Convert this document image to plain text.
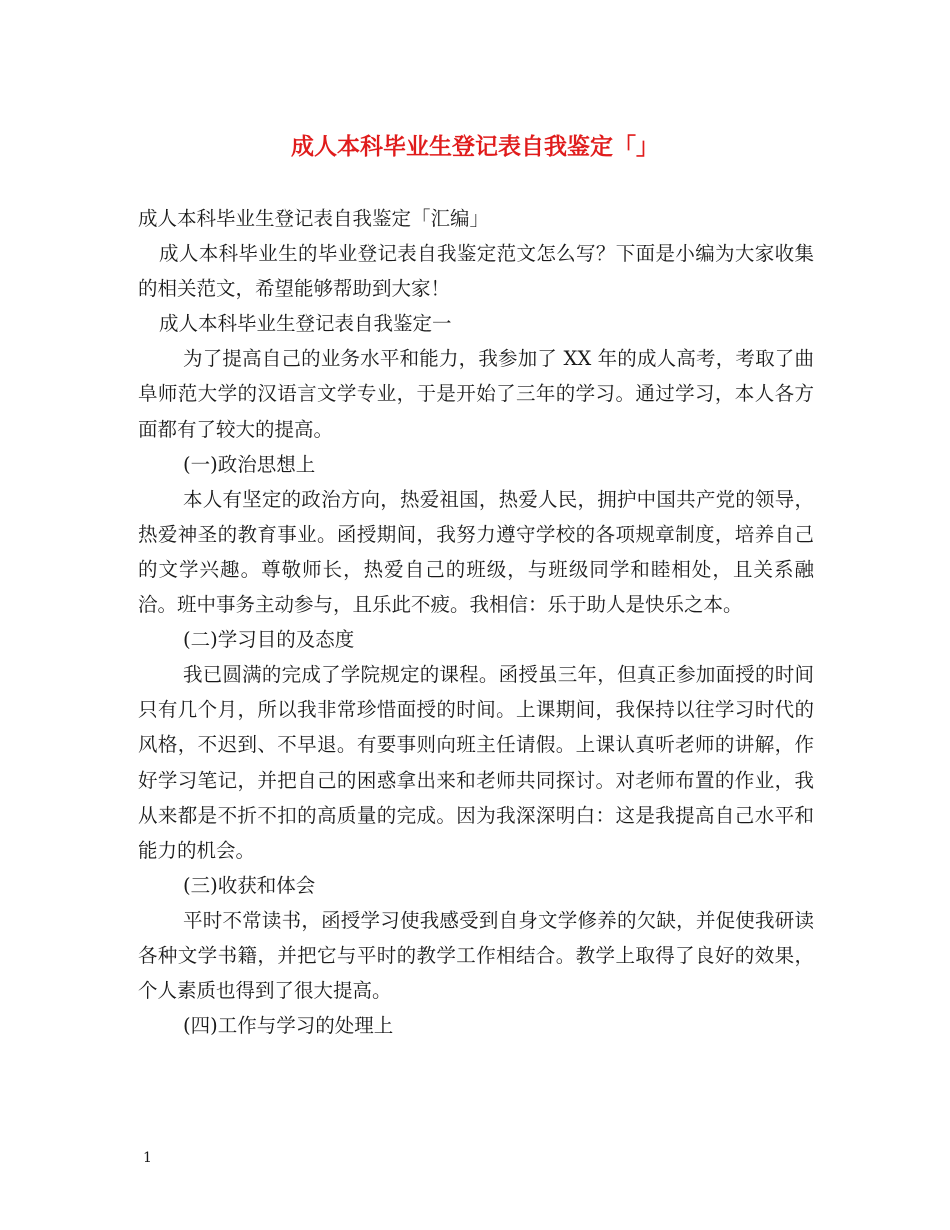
成人本科毕业生登记表自我鉴定「」

成人本科毕业生登记表自我鉴定「汇编」

成人本科毕业生的毕业登记表自我鉴定范文怎么写？下面是小编为大家收集的相关范文，希望能够帮助到大家！

成人本科毕业生登记表自我鉴定一

为了提高自己的业务水平和能力，我参加了 XX 年的成人高考，考取了曲阜师范大学的汉语言文学专业，于是开始了三年的学习。通过学习，本人各方面都有了较大的提高。

(一)政治思想上

本人有坚定的政治方向，热爱祖国，热爱人民，拥护中国共产党的领导，热爱神圣的教育事业。函授期间，我努力遵守学校的各项规章制度，培养自己的文学兴趣。尊敬师长，热爱自己的班级，与班级同学和睦相处，且关系融洽。班中事务主动参与，且乐此不疲。我相信：乐于助人是快乐之本。

(二)学习目的及态度

我已圆满的完成了学院规定的课程。函授虽三年，但真正参加面授的时间只有几个月，所以我非常珍惜面授的时间。上课期间，我保持以往学习时代的风格，不迟到、不早退。有要事则向班主任请假。上课认真听老师的讲解，作好学习笔记，并把自己的困惑拿出来和老师共同探讨。对老师布置的作业，我从来都是不折不扣的高质量的完成。因为我深深明白：这是我提高自己水平和能力的机会。

(三)收获和体会

平时不常读书，函授学习使我感受到自身文学修养的欠缺，并促使我研读各种文学书籍，并把它与平时的教学工作相结合。教学上取得了良好的效果，个人素质也得到了很大提高。

(四)工作与学习的处理上

1
